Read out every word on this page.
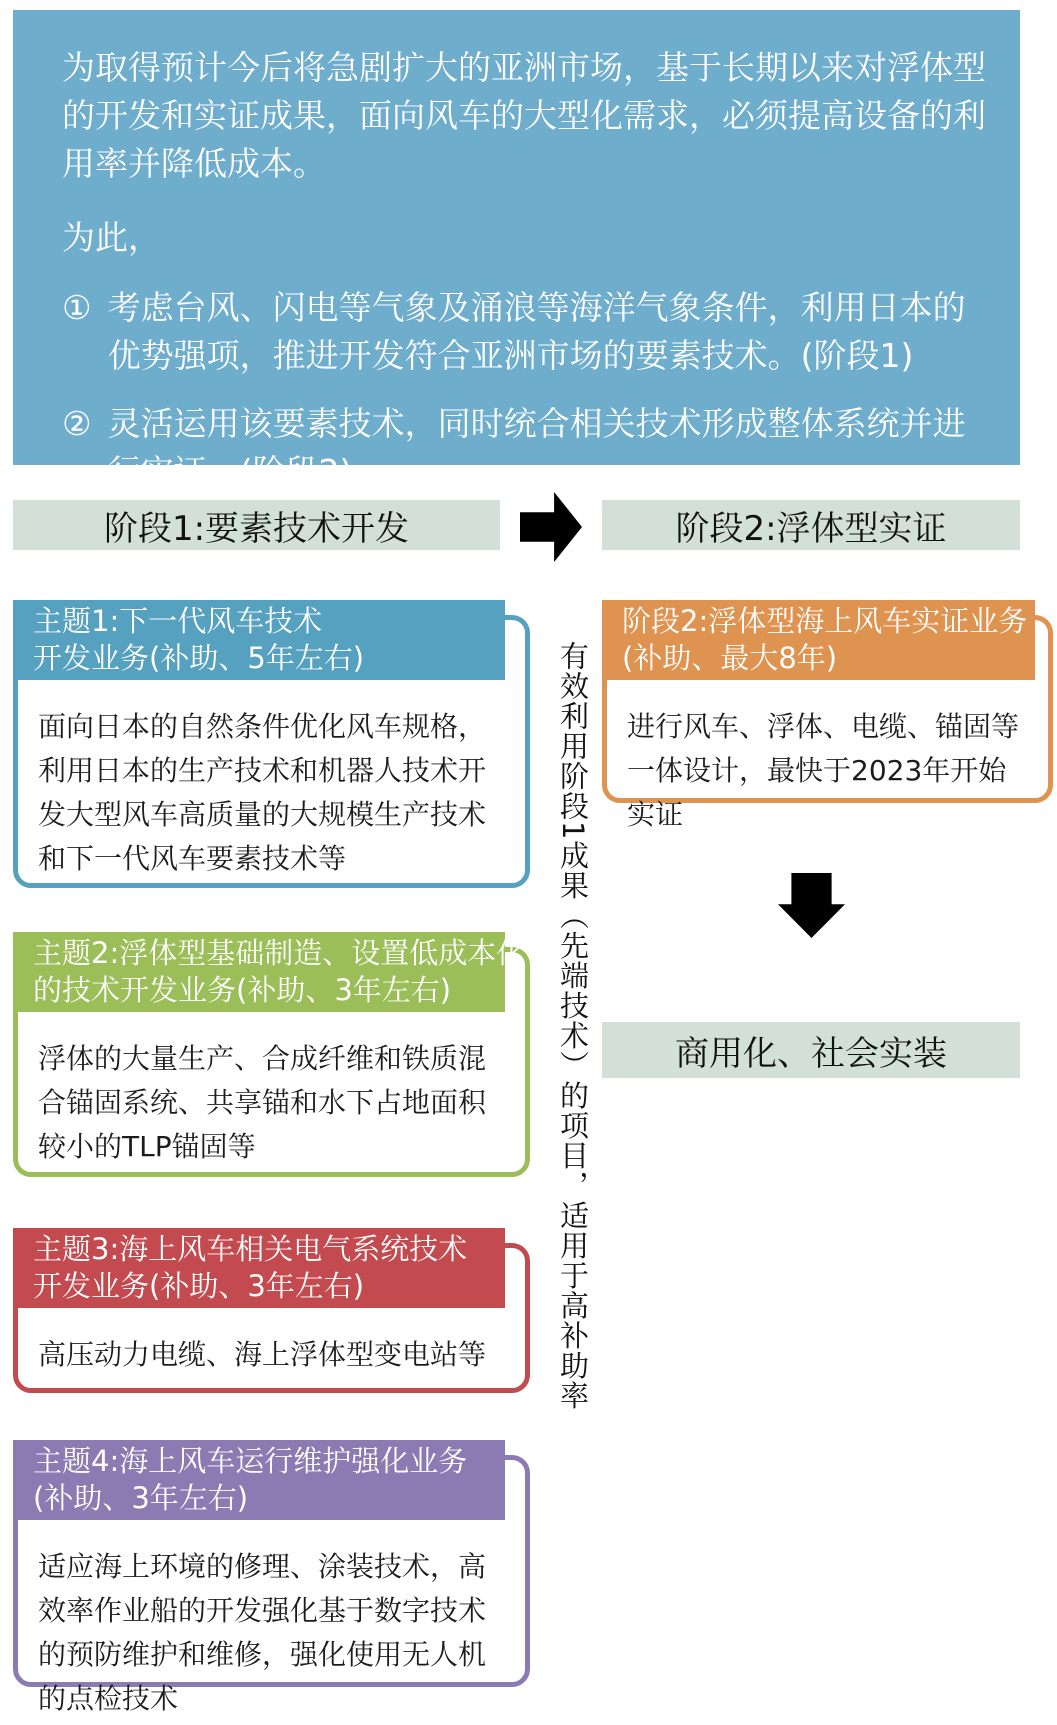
为取得预计今后将急剧扩大的亚洲市场，基于长期以来对浮体型的开发和实证成果，面向风车的大型化需求，必须提高设备的利用率并降低成本。

为此，

① 考虑台风、闪电等气象及涌浪等海洋气象条件，利用日本的优势强项，推进开发符合亚洲市场的要素技术。(阶段1)
② 灵活运用该要素技术，同时统合相关技术形成整体系统并进行实证。(阶段2)
阶段1:要素技术开发	阶段2:浮体型实证

主题1:下一代风车技术

开发业务(补助、5年左右)

面向日本的自然条件优化风车规格，利用日本的生产技术和机器人技术开发大型风车高质量的大规模生产技术和下一代风车要素技术等

主题2:浮体型基础制造、设置低成本化

的技术开发业务(补助、3年左右)

浮体的大量生产、合成纤维和铁质混合锚固系统、共享锚和水下占地面积较小的TLP锚固等

主题3:海上风车相关电气系统技术

开发业务(补助、3年左右)

高压动力电缆、海上浮体型变电站等

主题4:海上风车运行维护强化业务

(补助、3年左右)

适应海上环境的修理、涂装技术，高效率作业船的开发强化基于数字技术的预防维护和维修，强化使用无人机的点检技术

有效利用阶段1成果（先端技术）的项目，适用于高补助率

阶段2:浮体型海上风车实证业务

(补助、最大8年)

进行风车、浮体、电缆、锚固等一体设计，最快于2023年开始实证

商用化、社会实装
